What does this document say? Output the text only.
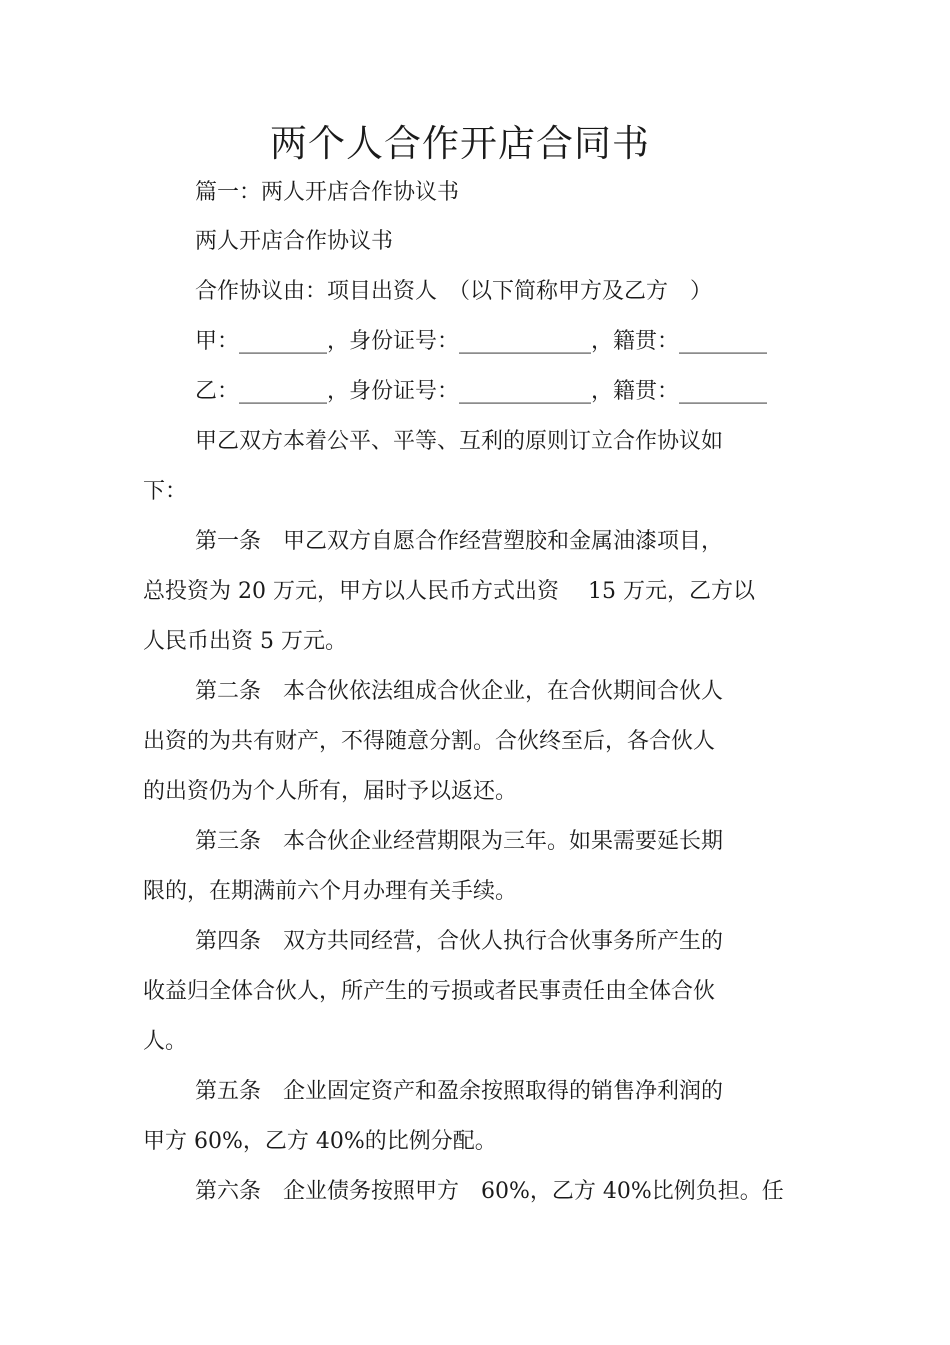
两个人合作开店合同书

篇一：两人开店合作协议书

两人开店合作协议书

合作协议由：项目出资人　（以下简称甲方及乙方　）

甲：________，身份证号：____________，籍贯：________

乙：________，身份证号：____________，籍贯：________

甲乙双方本着公平、平等、互利的原则订立合作协议如

下：

第一条　甲乙双方自愿合作经营塑胶和金属油漆项目，

总投资为 20 万元，甲方以人民币方式出资　 15 万元，乙方以

人民币出资 5 万元。

第二条　本合伙依法组成合伙企业，在合伙期间合伙人

出资的为共有财产，不得随意分割。合伙终至后，各合伙人

的出资仍为个人所有，届时予以返还。

第三条　本合伙企业经营期限为三年。如果需要延长期

限的，在期满前六个月办理有关手续。

第四条　双方共同经营，合伙人执行合伙事务所产生的

收益归全体合伙人，所产生的亏损或者民事责任由全体合伙

人。

第五条　企业固定资产和盈余按照取得的销售净利润的

甲方 60%，乙方 40%的比例分配。

第六条　企业债务按照甲方　60%，乙方 40%比例负担。任
